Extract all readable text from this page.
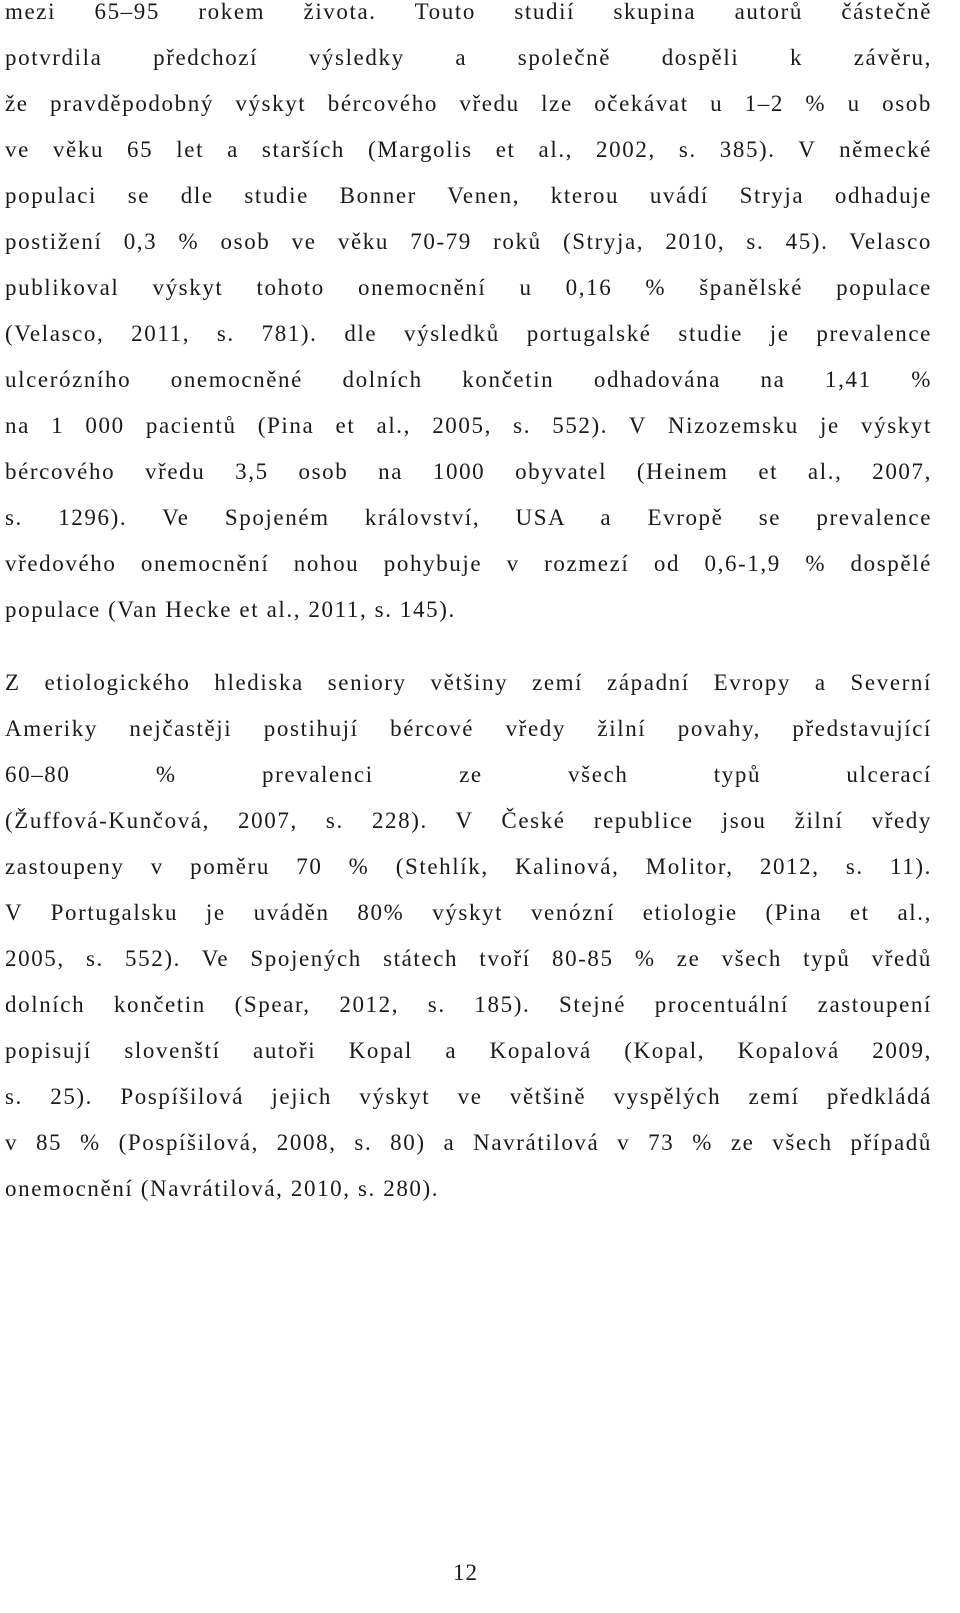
mezi 65–95 rokem života. Touto studií skupina autorů částečně
potvrdila předchozí výsledky a společně dospěli k závěru,
že pravděpodobný výskyt bércového vředu lze očekávat u 1–2 % u osob
ve věku 65 let a starších (Margolis et al., 2002, s. 385). V německé
populaci se dle studie Bonner Venen, kterou uvádí Stryja odhaduje
postižení 0,3 % osob ve věku 70-79 roků (Stryja, 2010, s. 45). Velasco
publikoval výskyt tohoto onemocnění u 0,16 % španělské populace
(Velasco, 2011, s. 781). dle výsledků portugalské studie je prevalence
ulcerózního onemocněné dolních končetin odhadována na 1,41 %
na 1 000 pacientů (Pina et al., 2005, s. 552). V Nizozemsku je výskyt
bércového vředu 3,5 osob na 1000 obyvatel (Heinem et al., 2007,
s. 1296). Ve Spojeném království, USA a Evropě se prevalence
vředového onemocnění nohou pohybuje v rozmezí od 0,6-1,9 % dospělé
populace (Van Hecke et al., 2011, s. 145).
Z etiologického hlediska seniory většiny zemí západní Evropy a Severní
Ameriky nejčastěji postihují bércové vředy žilní povahy, představující
60–80 % prevalenci ze všech typů ulcerací
(Žuffová-Kunčová, 2007, s. 228). V České republice jsou žilní vředy
zastoupeny v poměru 70 % (Stehlík, Kalinová, Molitor, 2012, s. 11).
V Portugalsku je uváděn 80% výskyt venózní etiologie (Pina et al.,
2005, s. 552). Ve Spojených státech tvoří 80-85 % ze všech typů vředů
dolních končetin (Spear, 2012, s. 185). Stejné procentuální zastoupení
popisují slovenští autoři Kopal a Kopalová (Kopal, Kopalová 2009,
s. 25). Pospíšilová jejich výskyt ve většině vyspělých zemí předkládá
v 85 % (Pospíšilová, 2008, s. 80) a Navrátilová v 73 % ze všech případů
onemocnění (Navrátilová, 2010, s. 280).
12
